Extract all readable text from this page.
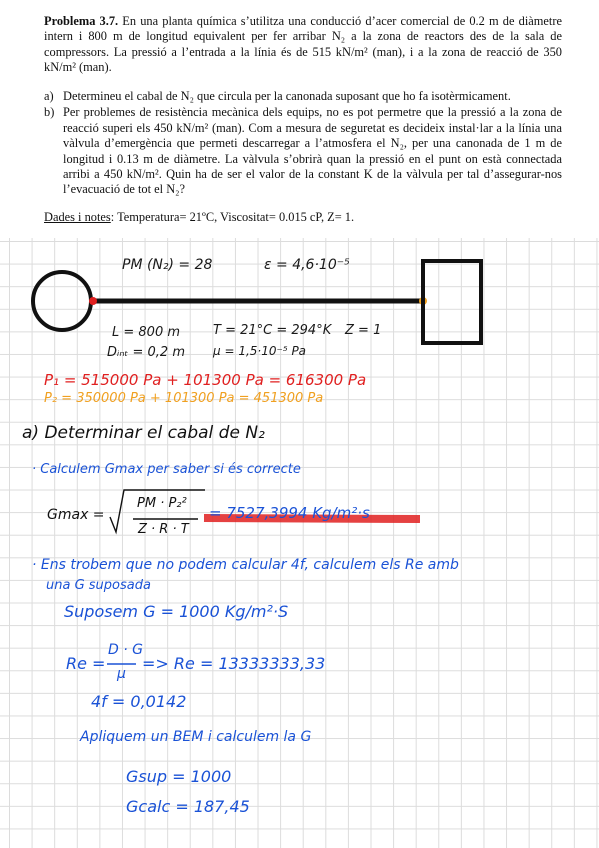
Problema 3.7. En una planta química s’utilitza una conducció d’acer comercial de 0.2 m de diàmetre intern i 800 m de longitud equivalent per fer arribar N₂ a la zona de reactors des de la sala de compressors. La pressió a l’entrada a la línia és de 515 kN/m² (man), i a la zona de reacció de 350 kN/m² (man).
a) Determineu el cabal de N₂ que circula per la canonada suposant que ho fa isotèrmicament.
b) Per problemes de resistència mecànica dels equips, no es pot permetre que la pressió a la zona de reacció superi els 450 kN/m² (man). Com a mesura de seguretat es decideix instal·lar a la línia una vàlvula d’emergència que permeti descarregar a l’atmosfera el N₂, per una canonada de 1 m de longitud i 0.13 m de diàmetre. La vàlvula s’obrirà quan la pressió en el punt on està connectada arribi a 450 kN/m². Quin ha de ser el valor de la constant K de la vàlvula per tal d’assegurar-nos l’evacuació de tot el N₂?
Dades i notes: Temperatura= 21ºC, Viscositat= 0.015 cP, Z= 1.
PM (N₂) = 28	ε = 4,6·10⁻⁵
L = 800 m	T = 21°C = 294°K Z = 1
Dᵢₙₜ = 0,2 m μ = 1,5·10⁻⁵ Pa
P₁ = 515000 Pa + 101300 Pa = 616300 Pa
P₂ = 350000 Pa + 101300 Pa = 451300 Pa
a) Determinar el cabal de N₂
· Calculem Gmax per saber si és correcte
Gmax =
PM · P₂²
Z · R · T
= 7527,3994 Kg/m²·s
· Ens trobem que no podem calcular 4f, calculem els Re amb
una G suposada
Suposem G = 1000 Kg/m²·S
Re =
D · G
μ
=> Re = 13333333,33
4f = 0,0142
Apliquem un BEM i calculem la G
Gsup = 1000
Gcalc = 187,45
